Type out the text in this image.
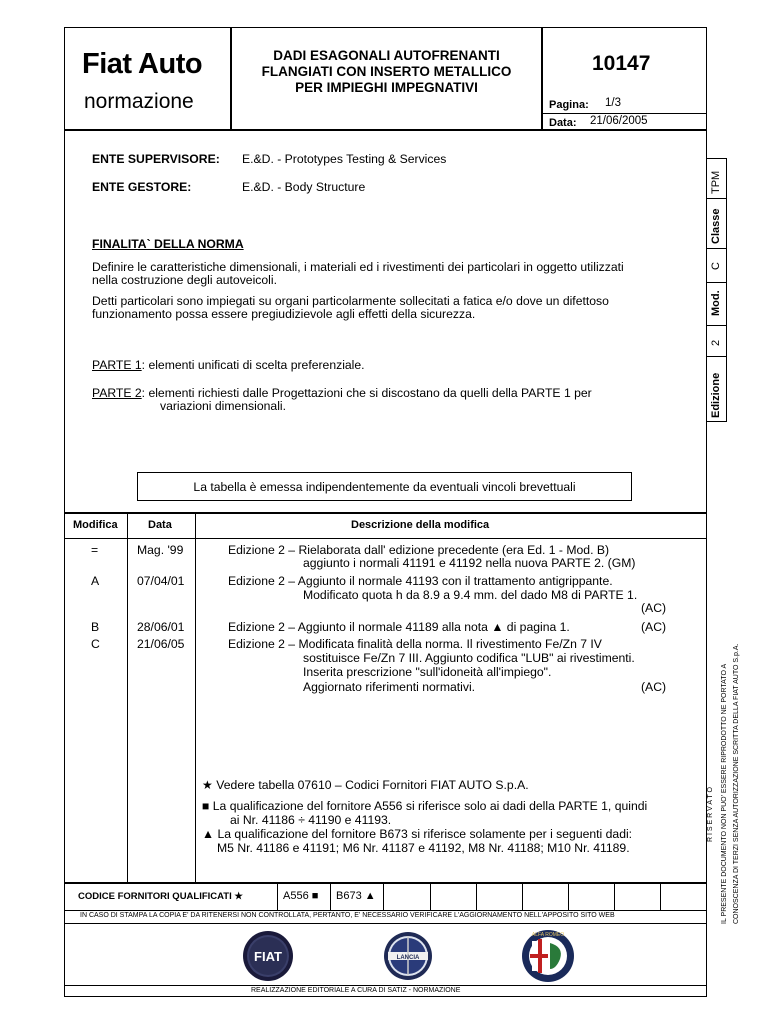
Fiat Auto
normazione
DADI ESAGONALI AUTOFRENANTI
FLANGIATI CON INSERTO METALLICO
PER IMPIEGHI IMPEGNATIVI
10147
Pagina: 1/3
Data: 21/06/2005
TPM
Classe
C
Mod.
2
Edizione
ENTE SUPERVISORE: E.&D. - Prototypes Testing & Services
ENTE GESTORE:	E.&D. - Body Structure
FINALITA` DELLA NORMA
Definire le caratteristiche dimensionali, i materiali ed i rivestimenti dei particolari in oggetto utilizzati
nella costruzione degli autoveicoli.
Detti particolari sono impiegati su organi particolarmente sollecitati a fatica e/o dove un difettoso
funzionamento possa essere pregiudizievole agli effetti della sicurezza.
PARTE 1: elementi unificati di scelta preferenziale.
PARTE 2: elementi richiesti dalle Progettazioni che si discostano da quelli della PARTE 1 per
variazioni dimensionali.
La tabella è emessa indipendentemente da eventuali vincoli brevettuali
Modifica	Data	Descrizione della modifica
=	Mag. '99	Edizione 2 – Rielaborata dall' edizione precedente (era Ed. 1 - Mod. B)
aggiunto i normali 41191 e 41192 nella nuova PARTE 2. (GM)
A	07/04/01	Edizione 2 – Aggiunto il normale 41193 con il trattamento antigrippante.
Modificato quota h da 8.9 a 9.4 mm. del dado M8 di PARTE 1.
(AC)
B	28/06/01	Edizione 2 – Aggiunto il normale 41189 alla nota ▲ di pagina 1.	(AC)
C	21/06/05	Edizione 2 – Modificata finalità della norma. Il rivestimento Fe/Zn 7 IV
sostituisce Fe/Zn 7 III. Aggiunto codifica "LUB" ai rivestimenti.
Inserita prescrizione "sull'idoneità all'impiego".
Aggiornato riferimenti normativi.	(AC)
★ Vedere tabella 07610 – Codici Fornitori FIAT AUTO S.p.A.
■ La qualificazione del fornitore A556 si riferisce solo ai dadi della PARTE 1, quindi
ai Nr. 41186 ÷ 41190 e 41193.
▲ La qualificazione del fornitore B673 si riferisce solamente per i seguenti dadi:
M5 Nr. 41186 e 41191; M6 Nr. 41187 e 41192, M8 Nr. 41188; M10 Nr. 41189.
CODICE FORNITORI QUALIFICATI ★	A556 ■ B673 ▲
IN CASO DI STAMPA LA COPIA E' DA RITENERSI NON CONTROLLATA, PERTANTO, E' NECESSARIO VERIFICARE L'AGGIORNAMENTO NELL'APPOSITO SITO WEB
FIAT	LANCIA
ALFA ROMEO
REALIZZAZIONE EDITORIALE A CURA DI SATIZ - NORMAZIONE
R I S E R V A T O IL PRESENTE DOCUMENTO NON PUO' ESSERE RIPRODOTTO NE PORTATO A CONOSCENZA DI TERZI SENZA AUTORIZZAZIONE SCRITTA DELLA FIAT AUTO S.p.A.
